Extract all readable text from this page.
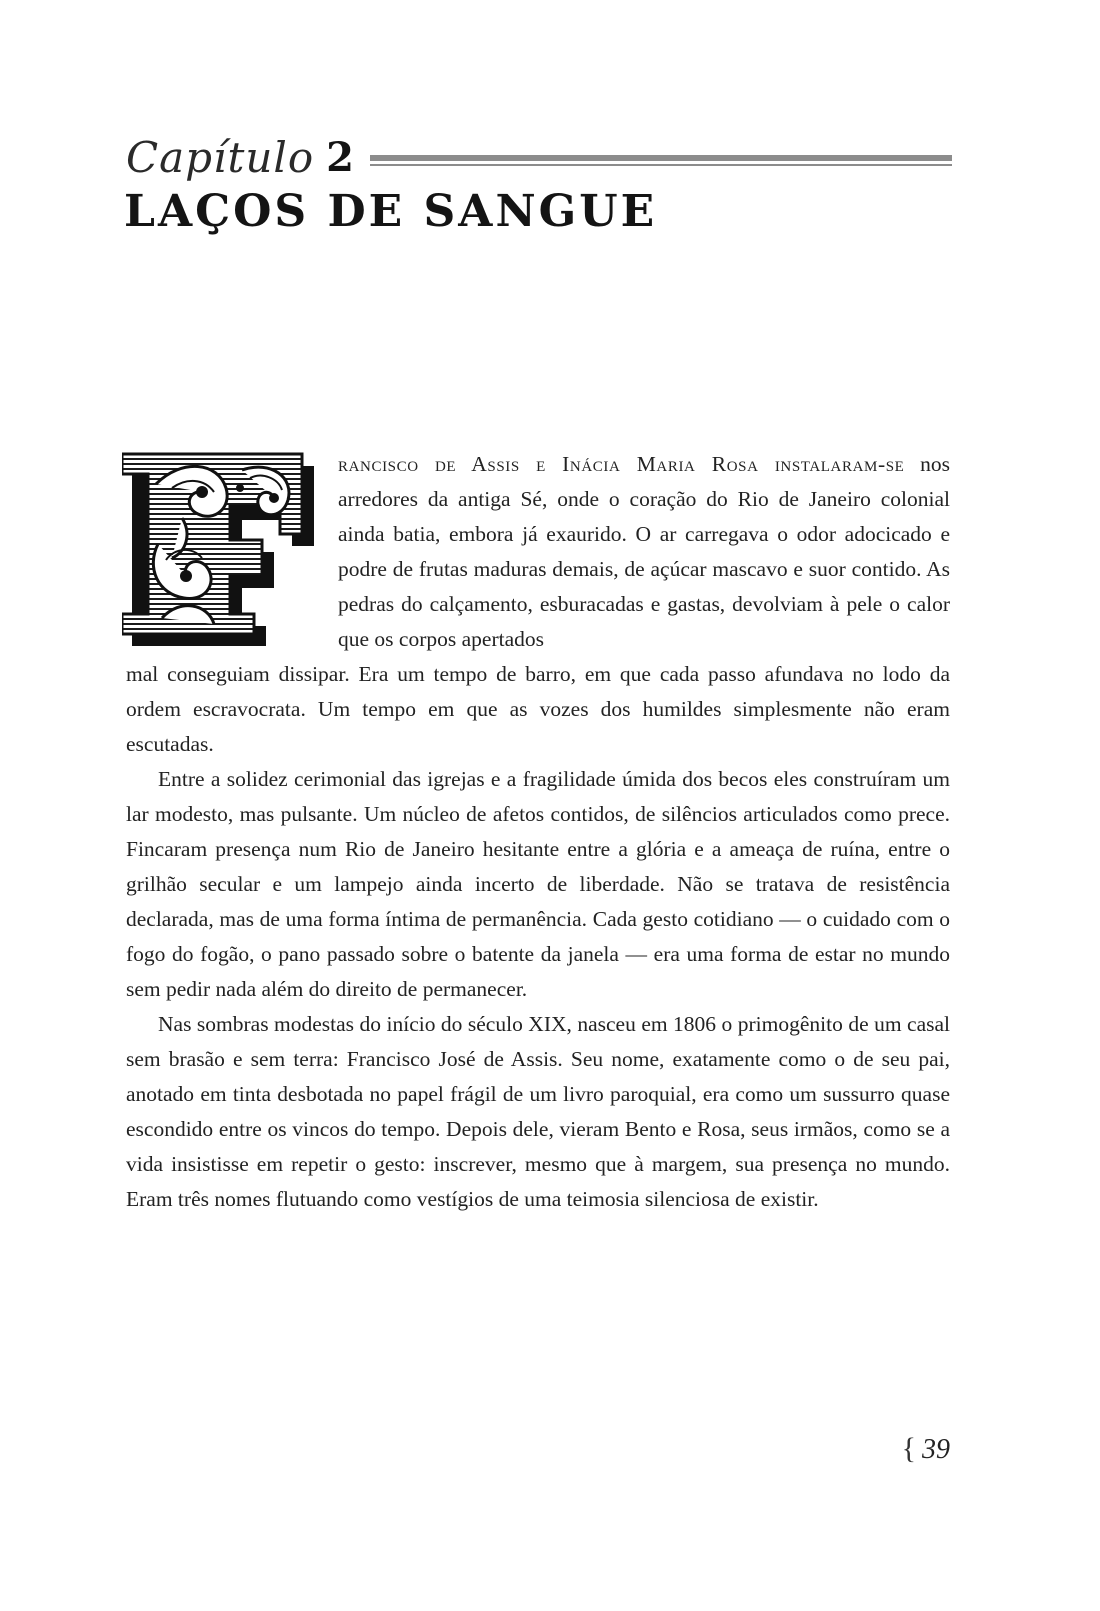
Capítulo 2
LAÇOS DE SANGUE

rancisco de Assis e Inácia Maria Rosa instalaram-se nos arredores da antiga Sé, onde o coração do Rio de Janeiro colonial ainda batia, embora já exaurido. O ar carregava o odor adocicado e podre de frutas maduras demais, de açúcar mascavo e suor contido. As pedras do calçamento, esburacadas e gastas, devolviam à pele o calor que os corpos apertados

mal conseguiam dissipar. Era um tempo de barro, em que cada passo afundava no lodo da ordem escravocrata. Um tempo em que as vozes dos humildes simplesmente não eram escutadas.

Entre a solidez cerimonial das igrejas e a fragilidade úmida dos becos eles construíram um lar modesto, mas pulsante. Um núcleo de afetos contidos, de silêncios articulados como prece. Fincaram presença num Rio de Janeiro hesitante entre a glória e a ameaça de ruína, entre o grilhão secular e um lampejo ainda incerto de liberdade. Não se tratava de resistência declarada, mas de uma forma íntima de permanência. Cada gesto cotidiano — o cuidado com o fogo do fogão, o pano passado sobre o batente da janela — era uma forma de estar no mundo sem pedir nada além do direito de permanecer.

Nas sombras modestas do início do século XIX, nasceu em 1806 o primogênito de um casal sem brasão e sem terra: Francisco José de Assis. Seu nome, exatamente como o de seu pai, anotado em tinta desbotada no papel frágil de um livro paroquial, era como um sussurro quase escondido entre os vincos do tempo. Depois dele, vieram Bento e Rosa, seus irmãos, como se a vida insistisse em repetir o gesto: inscrever, mesmo que à margem, sua presença no mundo. Eram três nomes flutuando como vestígios de uma teimosia silenciosa de existir.

{ 39
